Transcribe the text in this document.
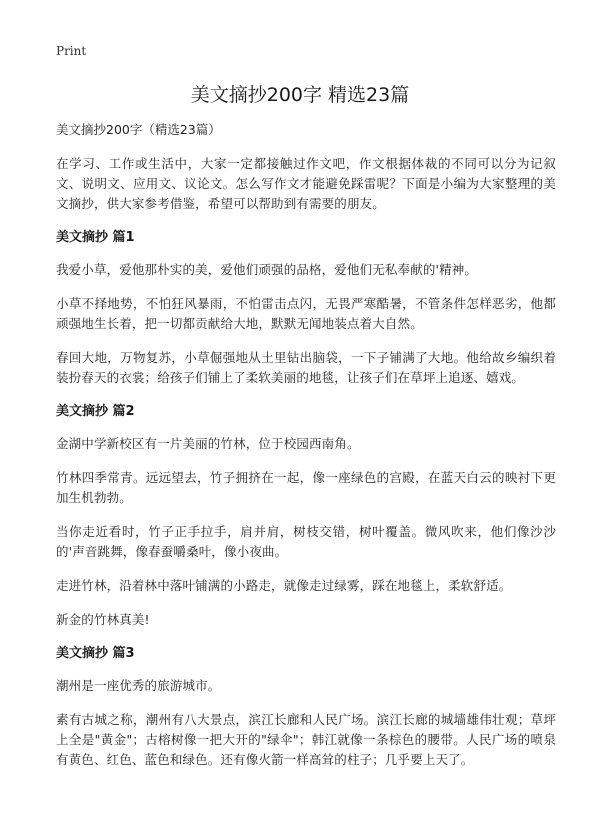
Print
美文摘抄200字 精选23篇
美文摘抄200字（精选23篇）

在学习、工作或生活中，大家一定都接触过作文吧，作文根据体裁的不同可以分为记叙文、说明文、应用文、议论文。怎么写作文才能避免踩雷呢？下面是小编为大家整理的美文摘抄，供大家参考借鉴，希望可以帮助到有需要的朋友。

美文摘抄 篇1

我爱小草，爱他那朴实的美，爱他们顽强的品格，爱他们无私奉献的'精神。

小草不择地势，不怕狂风暴雨，不怕雷击点闪，无畏严寒酷暑，不管条件怎样恶劣，他都顽强地生长着，把一切都贡献给大地，默默无闻地装点着大自然。

春回大地，万物复苏，小草倔强地从土里钻出脑袋，一下子铺满了大地。他给故乡编织着装扮春天的衣裳；给孩子们铺上了柔软美丽的地毯，让孩子们在草坪上追逐、嬉戏。

美文摘抄 篇2

金湖中学新校区有一片美丽的竹林，位于校园西南角。

竹林四季常青。远远望去，竹子拥挤在一起，像一座绿色的宫殿，在蓝天白云的映衬下更加生机勃勃。

当你走近看时，竹子正手拉手，肩并肩，树枝交错，树叶覆盖。微风吹来，他们像沙沙的'声音跳舞，像春蚕嚼桑叶，像小夜曲。

走进竹林，沿着林中落叶铺满的小路走，就像走过绿雾，踩在地毯上，柔软舒适。

新金的竹林真美!

美文摘抄 篇3

潮州是一座优秀的旅游城市。

素有古城之称，潮州有八大景点，滨江长廊和人民广场。滨江长廊的城墙雄伟壮观；草坪上全是"黄金"；古榕树像一把大开的"绿伞"；韩江就像一条棕色的腰带。人民广场的喷泉有黄色、红色、蓝色和绿色。还有像火箭一样高耸的柱子；几乎要上天了。
